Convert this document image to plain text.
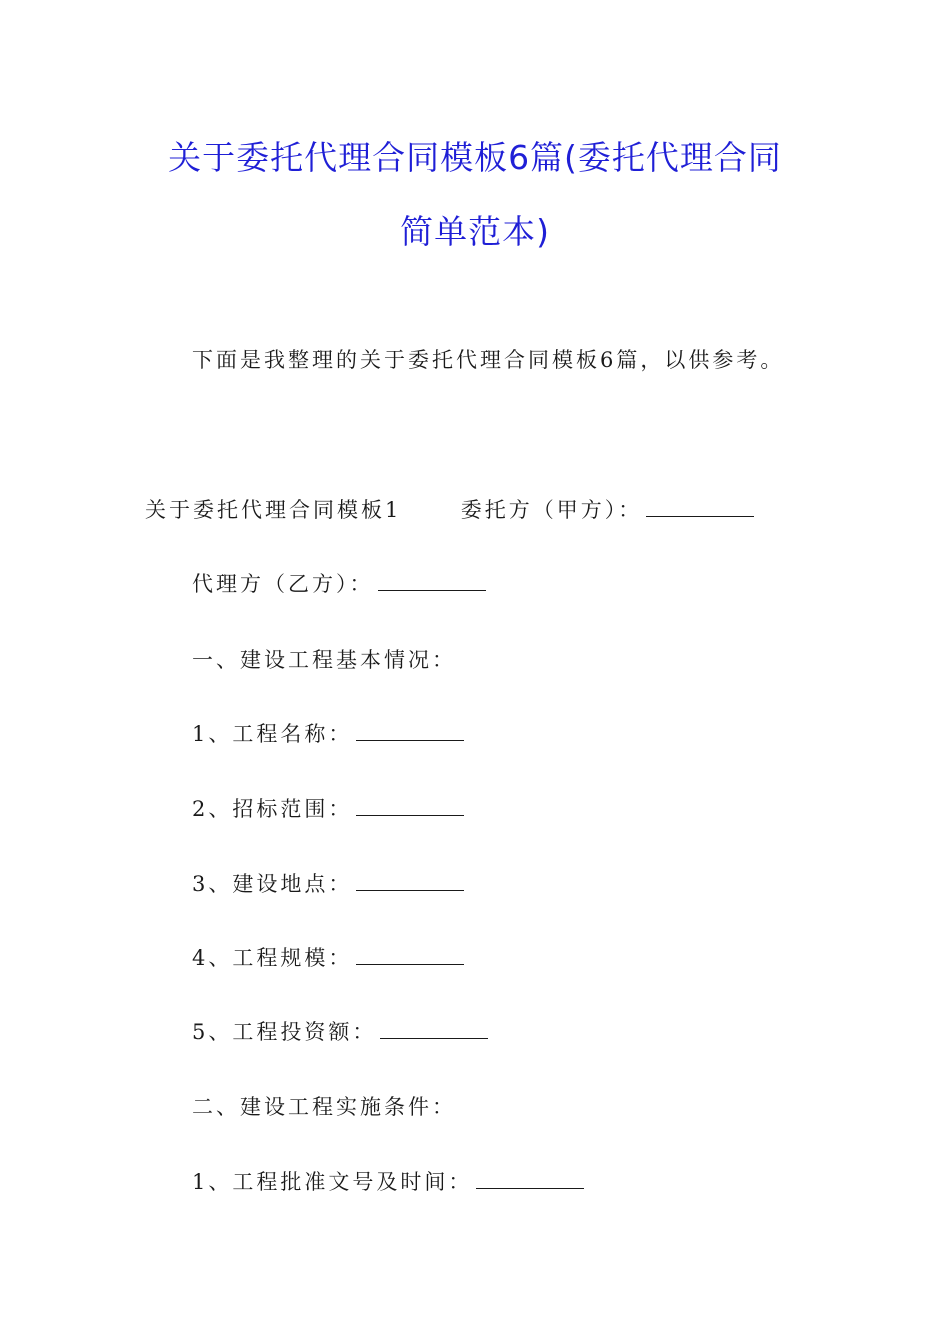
关于委托代理合同模板6篇(委托代理合同
简单范本)
下面是我整理的关于委托代理合同模板6篇，以供参考。
关于委托代理合同模板1	委托方（甲方）：
代理方（乙方）：
一、建设工程基本情况：
1、工程名称：
2、招标范围：
3、建设地点：
4、工程规模：
5、工程投资额：
二、建设工程实施条件：
1、工程批准文号及时间：
